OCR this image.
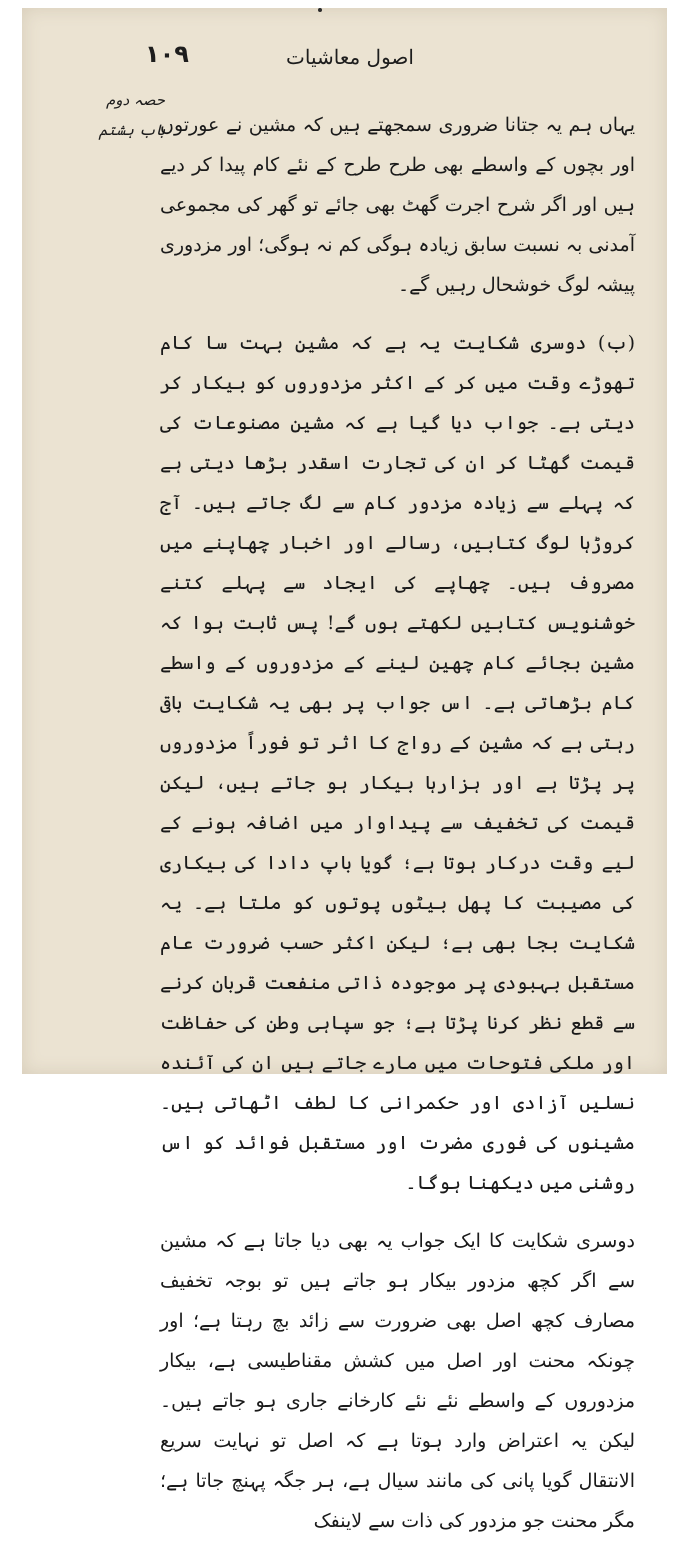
١٠٩	اصول معاشیات
حصہ دوم
باب ہشتم

یہاں ہم یہ جتانا ضروری سمجھتے ہیں کہ مشین نے عورتوں اور بچوں کے واسطے بھی طرح طرح کے نئے کام پیدا کر دیے ہیں اور اگر شرح اجرت گھٹ بھی جائے تو گھر کی مجموعی آمدنی بہ نسبت سابق زیادہ ہوگی کم نہ ہوگی؛ اور مزدوری پیشہ لوگ خوشحال رہیں گے۔

(ب) دوسری شکایت یہ ہے کہ مشین بہت سا کام تھوڑے وقت میں کر کے اکثر مزدوروں کو بیکار کر دیتی ہے۔ جواب دیا گیا ہے کہ مشین مصنوعات کی قیمت گھٹا کر ان کی تجارت اسقدر بڑھا دیتی ہے کہ پہلے سے زیادہ مزدور کام سے لگ جاتے ہیں۔ آج کروڑہا لوگ کتابیں، رسالے اور اخبار چھاپنے میں مصروف ہیں۔ چھاپے کی ایجاد سے پہلے کتنے خوشنویس کتابیں لکھتے ہوں گے! پس ثابت ہوا کہ مشین بجائے کام چھین لینے کے مزدوروں کے واسطے کام بڑھاتی ہے۔ اس جواب پر بھی یہ شکایت باقی رہتی ہے کہ مشین کے رواج کا اثر تو فوراً مزدوروں پر پڑتا ہے اور ہزارہا بیکار ہو جاتے ہیں، لیکن قیمت کی تخفیف سے پیداوار میں اضافہ ہونے کے لیے وقت درکار ہوتا ہے؛ گویا باپ دادا کی بیکاری کی مصیبت کا پھل بیٹوں پوتوں کو ملتا ہے۔ یہ شکایت بجا بھی ہے؛ لیکن اکثر حسب ضرورت عام مستقبل بہبودی پر موجودہ ذاتی منفعت قربان کرنے سے قطع نظر کرنا پڑتا ہے؛ جو سپاہی وطن کی حفاظت اور ملکی فتوحات میں مارے جاتے ہیں ان کی آئندہ نسلیں آزادی اور حکمرانی کا لطف اٹھاتی ہیں۔ مشینوں کی فوری مضرت اور مستقبل فوائد کو اس روشنی میں دیکھنا ہوگا۔

دوسری شکایت کا ایک جواب یہ بھی دیا جاتا ہے کہ مشین سے اگر کچھ مزدور بیکار ہو جاتے ہیں تو بوجہ تخفیف مصارف کچھ اصل بھی ضرورت سے زائد بچ رہتا ہے؛ اور چونکہ محنت اور اصل میں کشش مقناطیسی ہے، بیکار مزدوروں کے واسطے نئے نئے کارخانے جاری ہو جاتے ہیں۔ لیکن یہ اعتراض وارد ہوتا ہے کہ اصل تو نہایت سریع الانتقال گویا پانی کی مانند سیال ہے، ہر جگہ پہنچ جاتا ہے؛ مگر محنت جو مزدور کی ذات سے لاینفک
